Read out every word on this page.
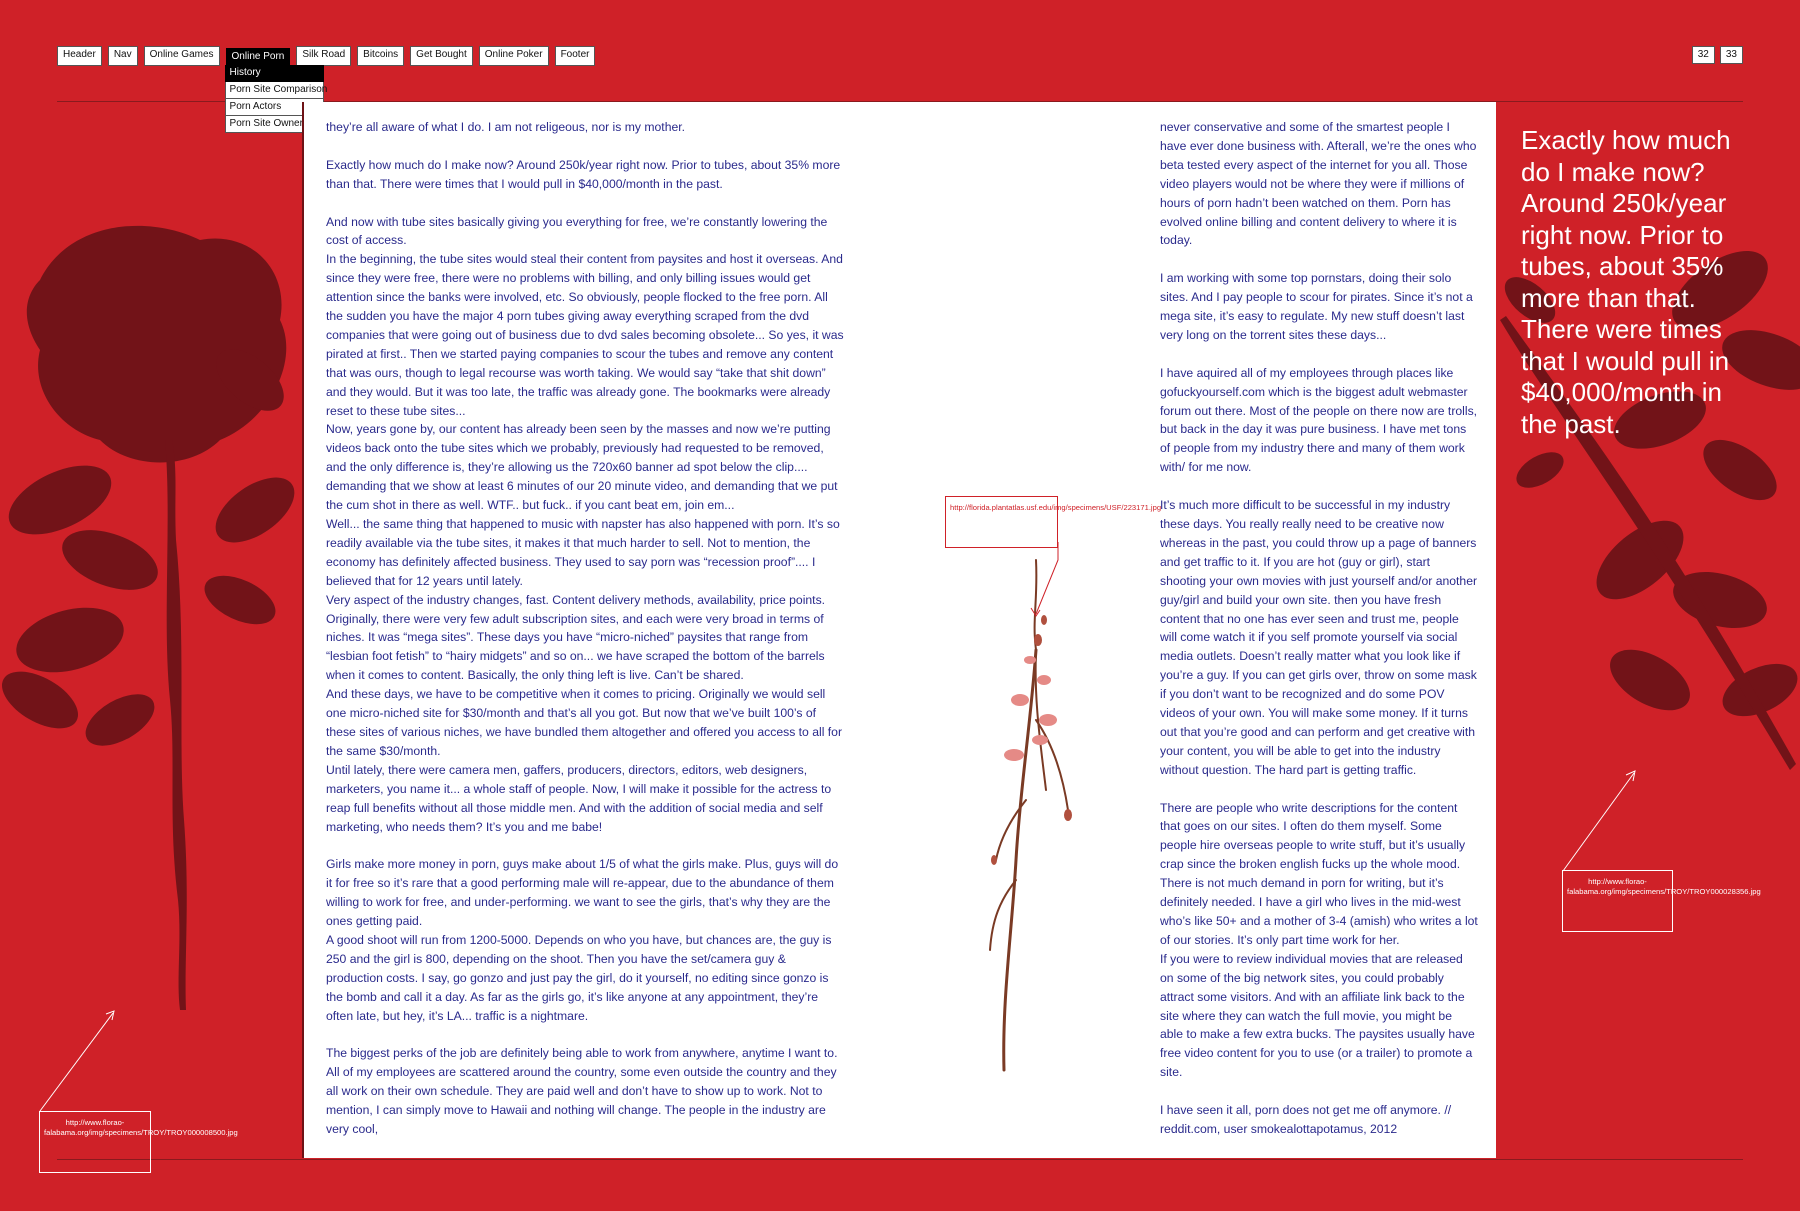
Header	Nav	Online Games	Online Porn
History
Porn Site Comparison
Porn Actors
Porn Site Owner
Silk Road	Bitcoins	Get Bought	Online Poker	Footer	32	33

they’re all aware of what I do. I am not religeous, nor is my mother.

Exactly how much do I make now? Around 250k/year right now. Prior to tubes, about 35% more than that. There were times that I would pull in $40,000/month in the past.

And now with tube sites basically giving you everything for free, we’re constantly lowering the cost of access.

In the beginning, the tube sites would steal their content from paysites and host it overseas. And since they were free, there were no problems with billing, and only billing issues would get attention since the banks were involved, etc. So obviously, people flocked to the free porn. All the sudden you have the major 4 porn tubes giving away everything scraped from the dvd companies that were going out of business due to dvd sales becoming obsolete... So yes, it was pirated at first.. Then we started paying companies to scour the tubes and remove any content that was ours, though to legal recourse was worth taking. We would say “take that shit down” and they would. But it was too late, the traffic was already gone. The bookmarks were already reset to these tube sites...

Now, years gone by, our content has already been seen by the masses and now we’re putting videos back onto the tube sites which we probably, previously had requested to be removed, and the only difference is, they’re allowing us the 720x60 banner ad spot below the clip.... demanding that we show at least 6 minutes of our 20 minute video, and demanding that we put the cum shot in there as well. WTF.. but fuck.. if you cant beat em, join em...

Well... the same thing that happened to music with napster has also happened with porn. It’s so readily available via the tube sites, it makes it that much harder to sell. Not to mention, the economy has definitely affected business. They used to say porn was “recession proof”.... I believed that for 12 years until lately.

Very aspect of the industry changes, fast. Content delivery methods, availability, price points. Originally, there were very few adult subscription sites, and each were very broad in terms of niches. It was “mega sites”. These days you have “micro-niched” paysites that range from “lesbian foot fetish” to “hairy midgets” and so on... we have scraped the bottom of the barrels when it comes to content. Basically, the only thing left is live. Can’t be shared.

And these days, we have to be competitive when it comes to pricing. Originally we would sell one micro-niched site for $30/month and that’s all you got. But now that we’ve built 100’s of these sites of various niches, we have bundled them altogether and offered you access to all for the same $30/month.

Until lately, there were camera men, gaffers, producers, directors, editors, web designers, marketers, you name it... a whole staff of people. Now, I will make it possible for the actress to reap full benefits without all those middle men. And with the addition of social media and self marketing, who needs them? It’s you and me babe!

Girls make more money in porn, guys make about 1/5 of what the girls make. Plus, guys will do it for free so it’s rare that a good performing male will re-appear, due to the abundance of them willing to work for free, and under-performing. we want to see the girls, that’s why they are the ones getting paid.

A good shoot will run from 1200-5000. Depends on who you have, but chances are, the guy is 250 and the girl is 800, depending on the shoot. Then you have the set/camera guy & production costs. I say, go gonzo and just pay the girl, do it yourself, no editing since gonzo is the bomb and call it a day. As far as the girls go, it’s like anyone at any appointment, they’re often late, but hey, it’s LA... traffic is a nightmare.

The biggest perks of the job are definitely being able to work from anywhere, anytime I want to. All of my employees are scattered around the country, some even outside the country and they all work on their own schedule. They are paid well and don’t have to show up to work. Not to mention, I can simply move to Hawaii and nothing will change. The people in the industry are very cool,

never conservative and some of the smartest people I have ever done business with. Afterall, we’re the ones who beta tested every aspect of the internet for you all. Those video players would not be where they were if millions of hours of porn hadn’t been watched on them. Porn has evolved online billing and content delivery to where it is today.

I am working with some top pornstars, doing their solo sites. And I pay people to scour for pirates. Since it’s not a mega site, it’s easy to regulate. My new stuff doesn’t last very long on the torrent sites these days...

I have aquired all of my employees through places like gofuckyourself.com which is the biggest adult webmaster forum out there. Most of the people on there now are trolls, but back in the day it was pure business. I have met tons of people from my industry there and many of them work with/ for me now.

It’s much more difficult to be successful in my industry these days. You really really need to be creative now whereas in the past, you could throw up a page of banners and get traffic to it. If you are hot (guy or girl), start shooting your own movies with just yourself and/or another guy/girl and build your own site. then you have fresh content that no one has ever seen and trust me, people will come watch it if you self promote yourself via social media outlets. Doesn’t really matter what you look like if you’re a guy. If you can get girls over, throw on some mask if you don’t want to be recognized and do some POV videos of your own. You will make some money. If it turns out that you’re good and can perform and get creative with your content, you will be able to get into the industry without question. The hard part is getting traffic.

There are people who write descriptions for the content that goes on our sites. I often do them myself. Some people hire overseas people to write stuff, but it’s usually crap since the broken english fucks up the whole mood. There is not much demand in porn for writing, but it’s definitely needed. I have a girl who lives in the mid-west who’s like 50+ and a mother of 3-4 (amish) who writes a lot of our stories. It’s only part time work for her.

If you were to review individual movies that are released on some of the big network sites, you could probably attract some visitors. And with an affiliate link back to the site where they can watch the full movie, you might be able to make a few extra bucks. The paysites usually have free video content for you to use (or a trailer) to promote a site.

I have seen it all, porn does not get me off anymore. // reddit.com, user smokealottapotamus, 2012

http://florida.plantatlas.usf.edu/img/specimens/USF/223171.jpg
http://www.florao-falabama.org/img/specimens/TROY/TROY000028356.jpg
http://www.florao-falabama.org/img/specimens/TROY/TROY000008500.jpg
Exactly how much do I make now? Around 250k/year right now. Prior to tubes, about 35% more than that. There were times that I would pull in $40,000/month in the past.
